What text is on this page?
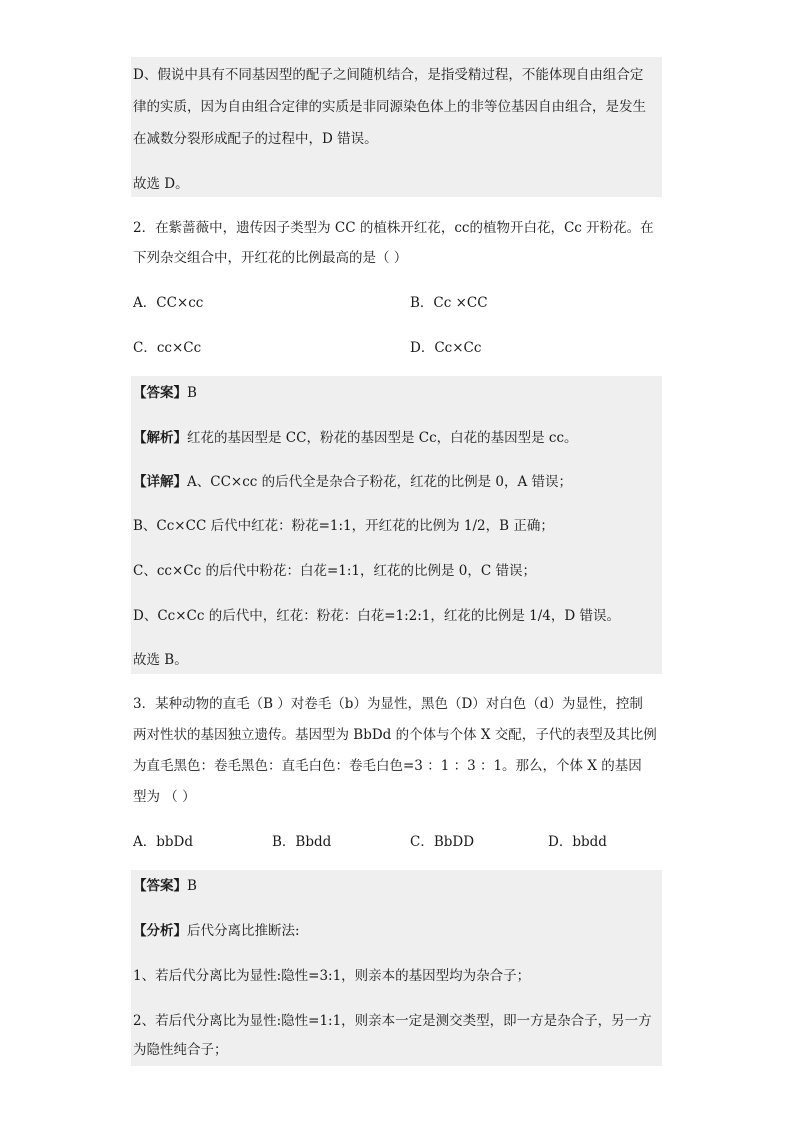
D、假说中具有不同基因型的配子之间随机结合，是指受精过程，不能体现自由组合定
律的实质，因为自由组合定律的实质是非同源染色体上的非等位基因自由组合，是发生
在减数分裂形成配子的过程中，D 错误。
故选 D。
2．在紫蔷薇中，遗传因子类型为 CC 的植株开红花，cc的植物开白花，Cc 开粉花。在
下列杂交组合中，开红花的比例最高的是（ ）
A．CC×cc	B．Cc ×CC
C．cc×Cc	D．Cc×Cc
【答案】B
【解析】红花的基因型是 CC，粉花的基因型是 Cc，白花的基因型是 cc。
【详解】A、CC×cc 的后代全是杂合子粉花，红花的比例是 0，A 错误；
B、Cc×CC 后代中红花：粉花=1:1，开红花的比例为 1/2，B 正确；
C、cc×Cc 的后代中粉花：白花=1:1，红花的比例是 0，C 错误；
D、Cc×Cc 的后代中，红花：粉花：白花=1:2:1，红花的比例是 1/4，D 错误。
故选 B。
3．某种动物的直毛（B ）对卷毛（b）为显性，黑色（D）对白色（d）为显性，控制
两对性状的基因独立遗传。基因型为 BbDd 的个体与个体 X 交配，子代的表型及其比例
为直毛黑色：卷毛黑色：直毛白色：卷毛白色=3 ：1 ：3 ：1。那么，个体 X 的基因
型为 （ ）
A．bbDd	B．Bbdd	C．BbDD	D．bbdd
【答案】B
【分析】后代分离比推断法:
1、若后代分离比为显性:隐性=3:1，则亲本的基因型均为杂合子；
2、若后代分离比为显性:隐性=1:1，则亲本一定是测交类型，即一方是杂合子，另一方
为隐性纯合子；
